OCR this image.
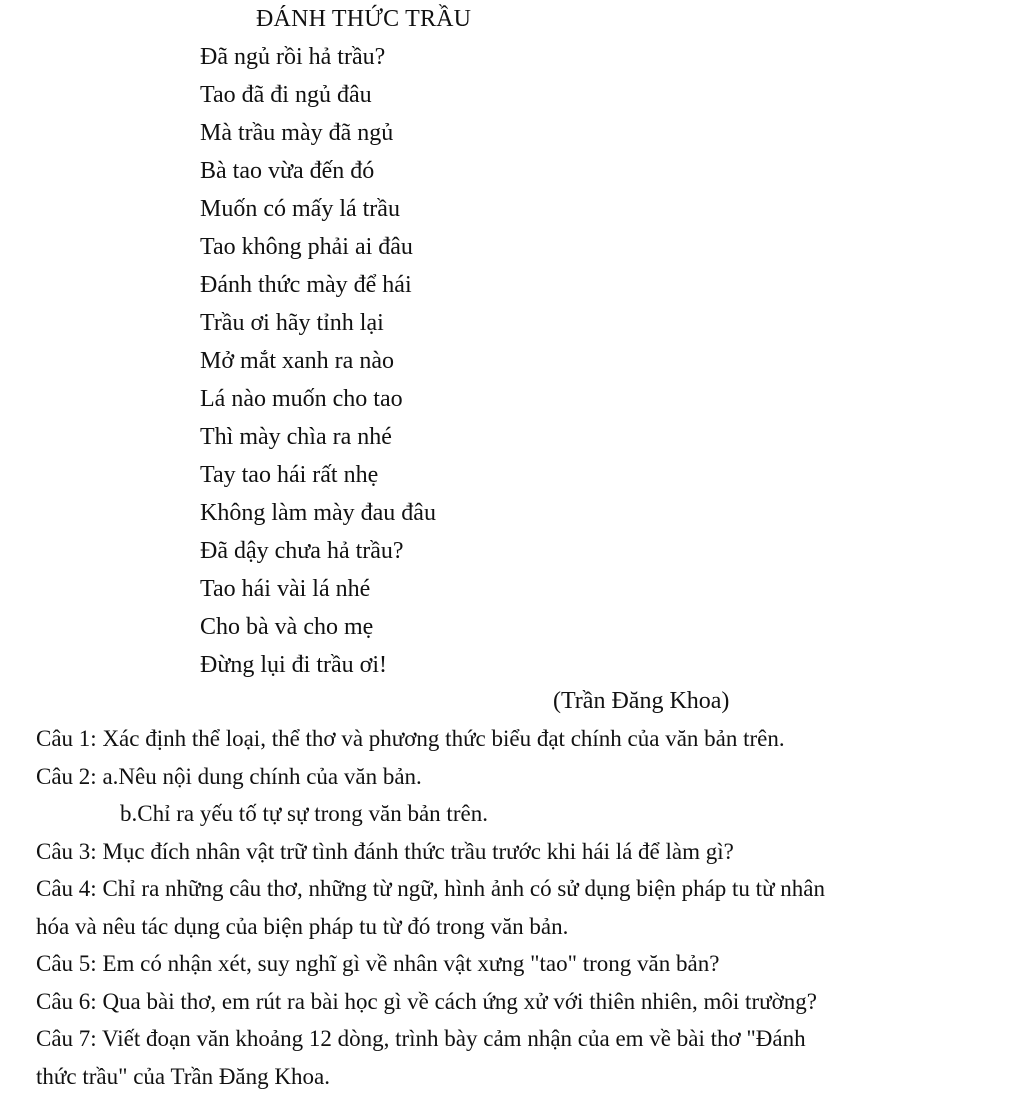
ĐÁNH THỨC TRẦU
Đã ngủ rồi hả trầu?
Tao đã đi ngủ đâu
Mà trầu mày đã ngủ
Bà tao vừa đến đó
Muốn có mấy lá trầu
Tao không phải ai đâu
Đánh thức mày để hái
Trầu ơi hãy tỉnh lại
Mở mắt xanh ra nào
Lá nào muốn cho tao
Thì mày chìa ra nhé
Tay tao hái rất nhẹ
Không làm mày đau đâu
Đã dậy chưa hả trầu?
Tao hái vài lá nhé
Cho bà và cho mẹ
Đừng lụi đi trầu ơi!
(Trần Đăng Khoa)
Câu 1: Xác định thể loại, thể thơ và phương thức biểu đạt chính của văn bản trên.
Câu 2: a.Nêu nội dung chính của văn bản.
b.Chỉ ra yếu tố tự sự trong văn bản trên.
Câu 3: Mục đích nhân vật trữ tình đánh thức trầu trước khi hái lá để làm gì?
Câu 4: Chỉ ra những câu thơ, những từ ngữ, hình ảnh có sử dụng biện pháp tu từ nhân
hóa và nêu tác dụng của biện pháp tu từ đó trong văn bản.
Câu 5: Em có nhận xét, suy nghĩ gì về nhân vật xưng "tao" trong văn bản?
Câu 6: Qua bài thơ, em rút ra bài học gì về cách ứng xử với thiên nhiên, môi trường?
Câu 7: Viết đoạn văn khoảng 12 dòng, trình bày cảm nhận của em về bài thơ "Đánh
thức trầu" của Trần Đăng Khoa.
